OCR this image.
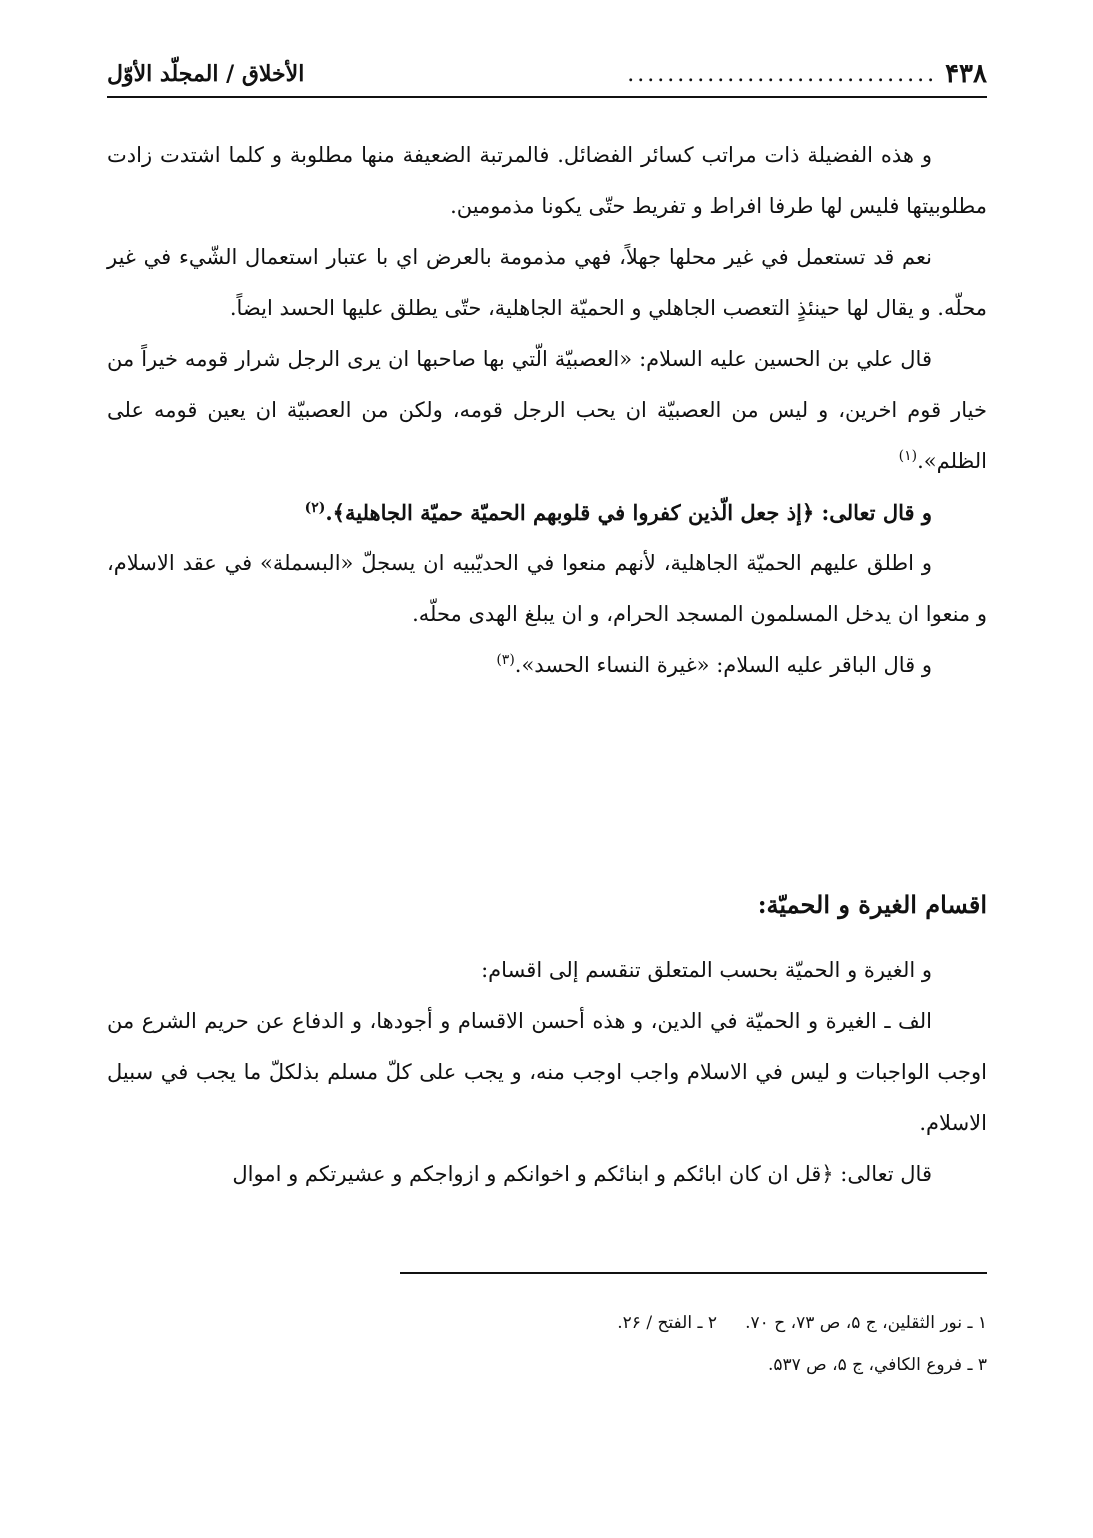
۴۳۸
...............................
الأخلاق / المجلّد الأوّل

و هذه الفضيلة ذات مراتب كسائر الفضائل. فالمرتبة الضعيفة منها مطلوبة و كلما اشتدت زادت مطلوبيتها فليس لها طرفا افراط و تفريط حتّى يكونا مذمومين.

نعم قد تستعمل في غير محلها جهلاً، فهي مذمومة بالعرض اي با عتبار استعمال الشّيء في غير محلّه. و يقال لها حينئذٍ التعصب الجاهلي و الحميّة الجاهلية، حتّى يطلق عليها الحسد ايضاً.

قال علي بن الحسين عليه السلام: «العصبيّة الّتي بها صاحبها ان يرى الرجل شرار قومه خيراً من خيار قوم اخرين، و ليس من العصبيّة ان يحب الرجل قومه، ولكن من العصبيّة ان يعين قومه على الظلم».$^{(۱)}$

و قال تعالى: ﴿إذ جعل الّذين كفروا في قلوبهم الحميّة حميّة الجاهلية﴾.$^{(۲)}$

و اطلق عليهم الحميّة الجاهلية، لأنهم منعوا في الحديّبيه ان يسجلّ «البسملة» في عقد الاسلام، و منعوا ان يدخل المسلمون المسجد الحرام، و ان يبلغ الهدى محلّه.

و قال الباقر عليه السلام: «غيرة النساء الحسد».$^{(۳)}$

اقسام الغيرة و الحميّة:

و الغيرة و الحميّة بحسب المتعلق تنقسم إلى اقسام:

الف ـ الغيرة و الحميّة في الدين، و هذه أحسن الاقسام و أجودها، و الدفاع عن حريم الشرع من اوجب الواجبات و ليس في الاسلام واجب اوجب منه، و يجب على كلّ مسلم بذلكلّ ما يجب في سبيل الاسلام.

قال تعالى: ﴿قل ان كان ابائكم و ابنائكم و اخوانكم و ازواجكم و عشيرتكم و اموال

۱ ـ نور الثقلين، ج ۵، ص ۷۳، ح ۷۰.
۲ ـ الفتح / ۲۶.
۳ ـ فروع الكافي، ج ۵، ص ۵۳۷.
